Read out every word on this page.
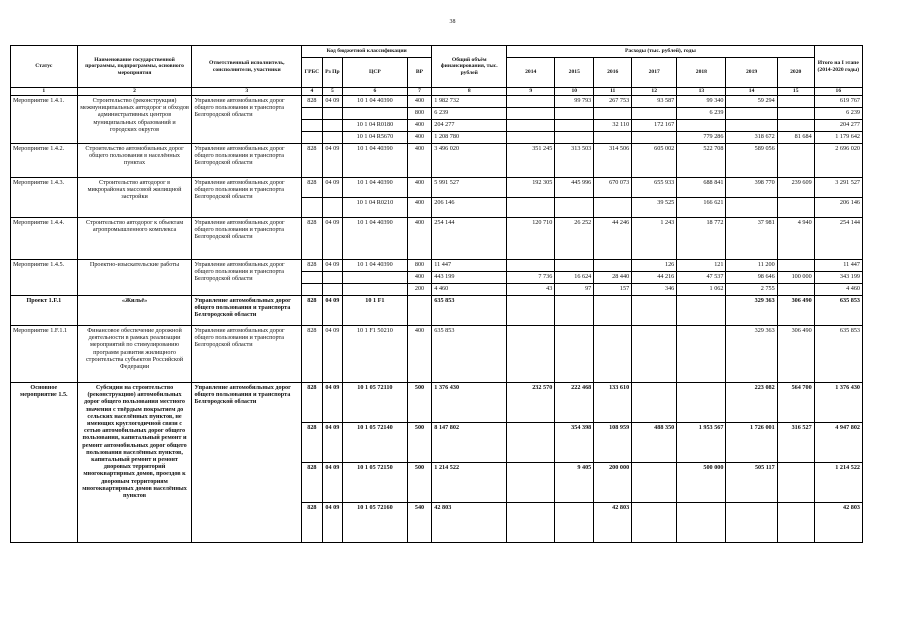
38
Статус	Наименование государственной программы, подпрограммы, основного мероприятия	Ответственный исполнитель, соисполнители, участники	Код бюджетной классификации				Общий объём финансирования, тыс. рублей	Расходы (тыс. рублей), годы							Итого на I этапе (2014-2020 годы)
			ГРБС	Рз Пр	ЦСР	ВР		2014	2015	2016	2017	2018	2019	2020	
1	2	3	4	5	6	7	8	9	10	11	12	13	14	15	16
Мероприятие 1.4.1.	Строительство (реконструкция) межмуниципальных автодорог и обходов административных центров муниципальных образований и городских округов	Управление автомобильных дорог общего пользования и транспорта Белгородской области	828	04 09	10 1 04 40390	400	1 982 732		99 793	267 753	93 587	99 340	59 294		619 767
						800	6 239					6 239			6 239
					10 1 04 R0180	400	204 277			32 110	172 167				204 277
					10 1 04 R5670	400	1 208 780					779 286	318 672	81 684	1 179 642
Мероприятие 1.4.2.	Строительство автомобильных дорог общего пользования в населённых пунктах	Управление автомобильных дорог общего пользования и транспорта Белгородской области	828	04 09	10 1 04 40390	400	3 496 020	351 245	313 503	314 506	605 002	522 708	589 056		2 696 020
Мероприятие 1.4.3.	Строительство автодорог в микрорайонах массовой жилищной застройки	Управление автомобильных дорог общего пользования и транспорта Белгородской области	828	04 09	10 1 04 40390	400	5 991 527	192 305	445 996	670 073	655 933	688 841	398 770	239 609	3 291 527
					10 1 04 R0210	400	206 146				39 525	166 621			206 146
Мероприятие 1.4.4.	Строительство автодорог к объектам агропромышленного комплекса	Управление автомобильных дорог общего пользования и транспорта Белгородской области	828	04 09	10 1 04 40390	400	254 144	120 710	26 252	44 246	1 243	18 772	37 981	4 940	254 144
Мероприятие 1.4.5.	Проектно-изыскательские работы	Управление автомобильных дорог общего пользования и транспорта Белгородской области	828	04 09	10 1 04 40390	800	11 447				126	121	11 200		11 447
						400	443 199	7 736	16 624	28 440	44 216	47 537	98 646	100 000	343 199
						200	4 460	43	97	157	346	1 062	2 755		4 460
Проект 1.F.1	«Жильё»	Управление автомобильных дорог общего пользования и транспорта Белгородской области	828	04 09	10 1 F1		635 853						329 363	306 490	635 853
Мероприятие 1.F.1.1	Финансовое обеспечение дорожной деятельности в рамках реализации мероприятий по стимулированию программ развития жилищного строительства субъектов Российской Федерации	Управление автомобильных дорог общего пользования и транспорта Белгородской области	828	04 09	10 1 F1 50210	400	635 853						329 363	306 490	635 853
Основное мероприятие 1.5.	Субсидии на строительство (реконструкцию) автомобильных дорог общего пользования местного значения с твёрдым покрытием до сельских населённых пунктов, не имеющих круглогодичной связи с сетью автомобильных дорог общего пользования, капитальный ремонт и ремонт автомобильных дорог общего пользования населённых пунктов, капитальный ремонт и ремонт дворовых территорий многоквартирных домов, проездов к дворовым территориям многоквартирных домов населённых пунктов	Управление автомобильных дорог общего пользования и транспорта Белгородской области	828	04 09	10 1 05 72110	500	1 376 430	232 570	222 468	133 610			223 082	564 700	1 376 430
			828	04 09	10 1 05 72140	500	8 147 802		354 398	108 959	488 350	1 953 567	1 726 001	316 527	4 947 802
			828	04 09	10 1 05 72150	500	1 214 522		9 405	200 000		500 000	505 117		1 214 522
			828	04 09	10 1 05 72160	540	42 803			42 803					42 803
